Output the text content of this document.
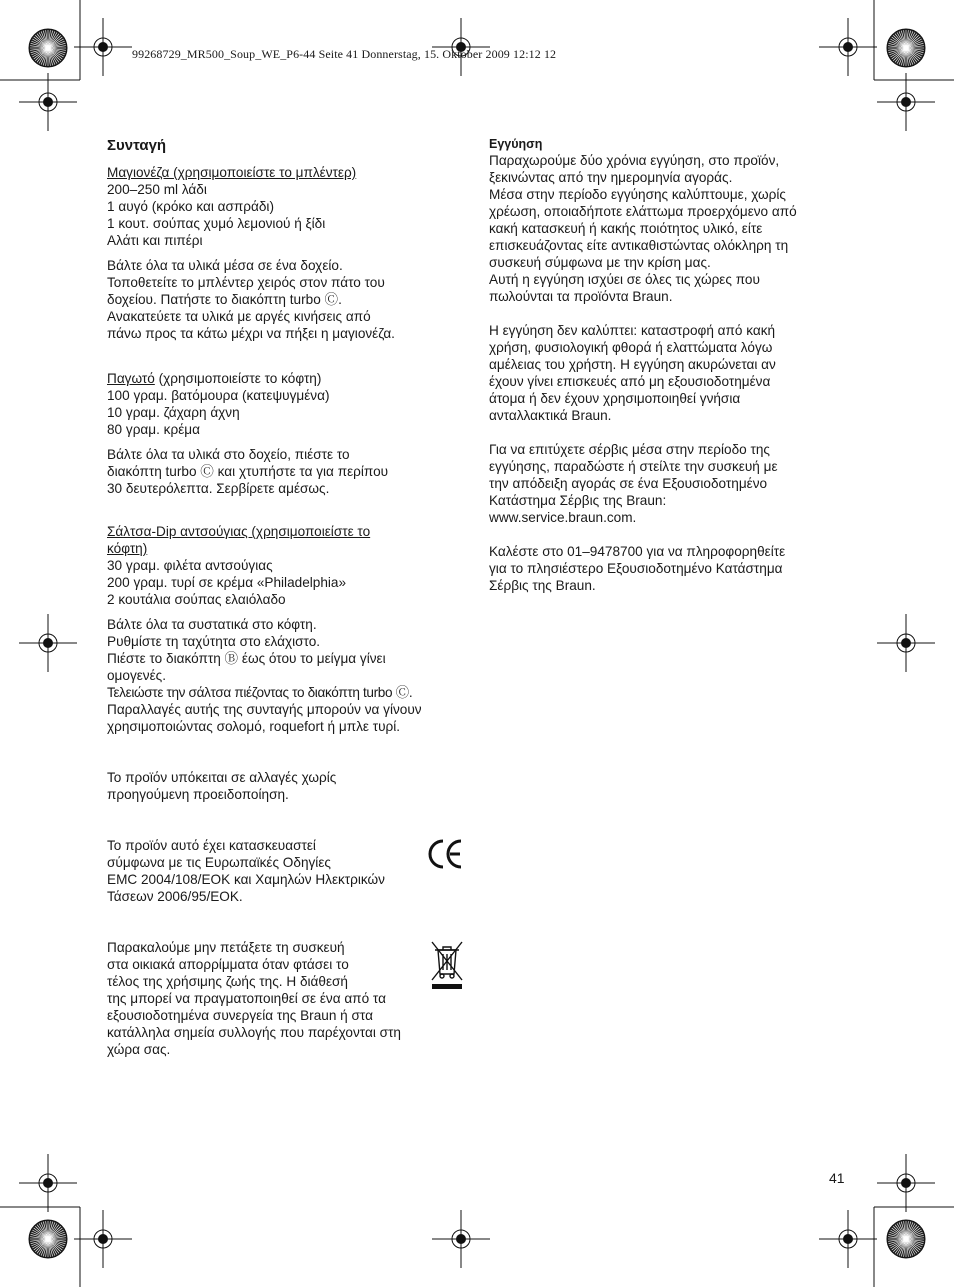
99268729_MR500_Soup_WE_P6-44 Seite 41 Donnerstag, 15. Oktober 2009 12:12 12

Συνταγή

Μαγιονέζα (χρησιμοποιείστε το μπλέντερ)

200–250 ml λάδι

1 αυγό (κρόκο και ασπράδι)

1 κουτ. σούπας χυμό λεμονιού ή ξίδι

Αλάτι και πιπέρι

Βάλτε όλα τα υλικά μέσα σε ένα δοχείο.

Τοποθετείτε το μπλέντερ χειρός στον πάτο του

δοχείου. Πατήστε το διακόπτη turbo Ⓒ.

Ανακατεύετε τα υλικά με αργές κινήσεις από

πάνω προς τα κάτω μέχρι να πήξει η μαγιονέζα.

Παγωτό (χρησιμοποιείστε το κόφτη)

100 γραμ. βατόμουρα (κατεψυγμένα)

10 γραμ. ζάχαρη άχνη

80 γραμ. κρέμα

Βάλτε όλα τα υλικά στο δοχείο, πιέστε το

διακόπτη turbo Ⓒ και χτυπήστε τα για περίπου

30 δευτερόλεπτα. Σερβίρετε αμέσως.

Σάλτσα-Dip αντσούγιας (χρησιμοποιείστε το

κόφτη)

30 γραμ. φιλέτα αντσούγιας

200 γραμ. τυρί σε κρέμα «Philadelphia»

2 κουτάλια σούπας ελαιόλαδο

Βάλτε όλα τα συστατικά στο κόφτη.

Ρυθμίστε τη ταχύτητα στο ελάχιστο.

Πιέστε το διακόπτη Ⓑ έως ότου το μείγμα γίνει

ομογενές.

Τελειώστε την σάλτσα πιέζοντας το διακόπτη turbo Ⓒ.

Παραλλαγές αυτής της συνταγής μπορούν να γίνουν

χρησιμοποιώντας σολομό, roquefort ή μπλε τυρί.

Το προϊόν υπόκειται σε αλλαγές χωρίς

προηγούμενη προειδοποίηση.

Το προϊόν αυτό έχει κατασκευαστεί

σύμφωνα με τις Ευρωπαϊκές Οδηγίες

EMC 2004/108/ΕΟΚ και Χαμηλών Ηλεκτρικών

Τάσεων 2006/95/ΕΟΚ.

Παρακαλούμε μην πετάξετε τη συσκευή

στα οικιακά απορρίμματα όταν φτάσει το

τέλος της χρήσιμης ζωής της. Η διάθεσή

της μπορεί να πραγματοποιηθεί σε ένα από τα

εξουσιοδοτημένα συνεργεία της Braun ή στα

κατάλληλα σημεία συλλογής που παρέχονται στη

χώρα σας.

Εγγύηση

Παραχωρούμε δύο χρόνια εγγύηση, στο προϊόν,

ξεκινώντας από την ημερομηνία αγοράς.

Μέσα στην περίοδο εγγύησης καλύπτουμε, χωρίς

χρέωση, οποιαδήποτε ελάττωμα προερχόμενο από

κακή κατασκευή ή κακής ποιότητος υλικό, είτε

επισκευάζοντας είτε αντικαθιστώντας ολόκληρη τη

συσκευή σύμφωνα με την κρίση μας.

Αυτή η εγγύηση ισχύει σε όλες τις χώρες που

πωλούνται τα προϊόντα Braun.

Η εγγύηση δεν καλύπτει: καταστροφή από κακή

χρήση, φυσιολογική φθορά ή ελαττώματα λόγω

αμέλειας του χρήστη. Η εγγύηση ακυρώνεται αν

έχουν γίνει επισκευές από μη εξουσιοδοτημένα

άτομα ή δεν έχουν χρησιμοποιηθεί γνήσια

ανταλλακτικά Braun.

Για να επιτύχετε σέρβις μέσα στην περίοδο της

εγγύησης, παραδώστε ή στείλτε την συσκευή με

την απόδειξη αγοράς σε ένα Εξουσιοδοτημένο

Κατάστημα Σέρβις της Braun:

www.service.braun.com.

Καλέστε στο 01–9478700 για να πληροφορηθείτε

για το πλησιέστερο Εξουσιοδοτημένο Κατάστημα

Σέρβις της Braun.

41
